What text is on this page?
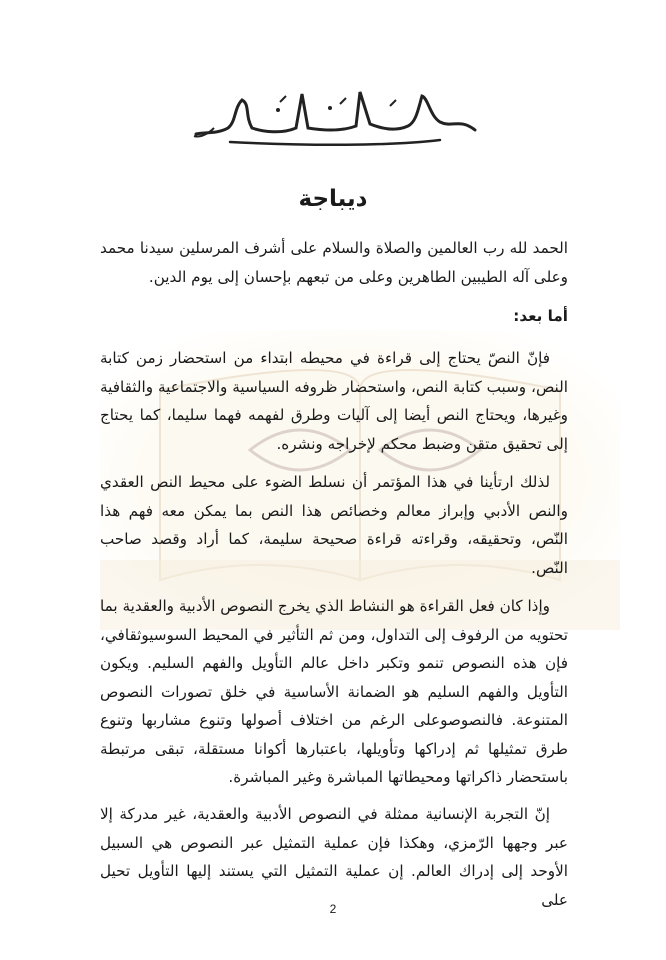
ديباجة
الحمد لله رب العالمين والصلاة والسلام على أشرف المرسلين سيدنا محمد وعلى آله الطيبين الطاهرين وعلى من تبعهم بإحسان إلى يوم الدين.
أما بعد:
فإنّ النصّ يحتاج إلى قراءة في محيطه ابتداء من استحضار زمن كتابة النص، وسبب كتابة النص، واستحضار ظروفه السياسية والاجتماعية والثقافية وغيرها، ويحتاج النص أيضا إلى آليات وطرق لفهمه فهما سليما، كما يحتاج إلى تحقيق متقن وضبط محكم لإخراجه ونشره.
لذلك ارتأينا في هذا المؤتمر أن نسلط الضوء على محيط النص العقدي والنص الأدبي وإبراز معالم وخصائص هذا النص بما يمكن معه فهم هذا النّص، وتحقيقه، وقراءته قراءة صحيحة سليمة، كما أراد وقصد صاحب النّص.
وإذا كان فعل القراءة هو النشاط الذي يخرج النصوص الأدبية والعقدية بما تحتويه من الرفوف إلى التداول، ومن ثم التأثير في المحيط السوسيوثقافي، فإن هذه النصوص تنمو وتكبر داخل عالم التأويل والفهم السليم. ويكون التأويل والفهم السليم هو الضمانة الأساسية في خلق تصورات النصوص المتنوعة. فالنصوصوعلى الرغم من اختلاف أصولها وتنوع مشاربها وتنوع طرق تمثيلها ثم إدراكها وتأويلها، باعتبارها أكوانا مستقلة، تبقى مرتبطة باستحضار ذاكراتها ومحيطاتها المباشرة وغير المباشرة.
إنّ التجربة الإنسانية ممثلة في النصوص الأدبية والعقدية، غير مدركة إلا عبر وجهها الرّمزي، وهكذا فإن عملية التمثيل عبر النصوص هي السبيل الأوحد إلى إدراك العالم. إن عملية التمثيل التي يستند إليها التأويل تحيل على
2
